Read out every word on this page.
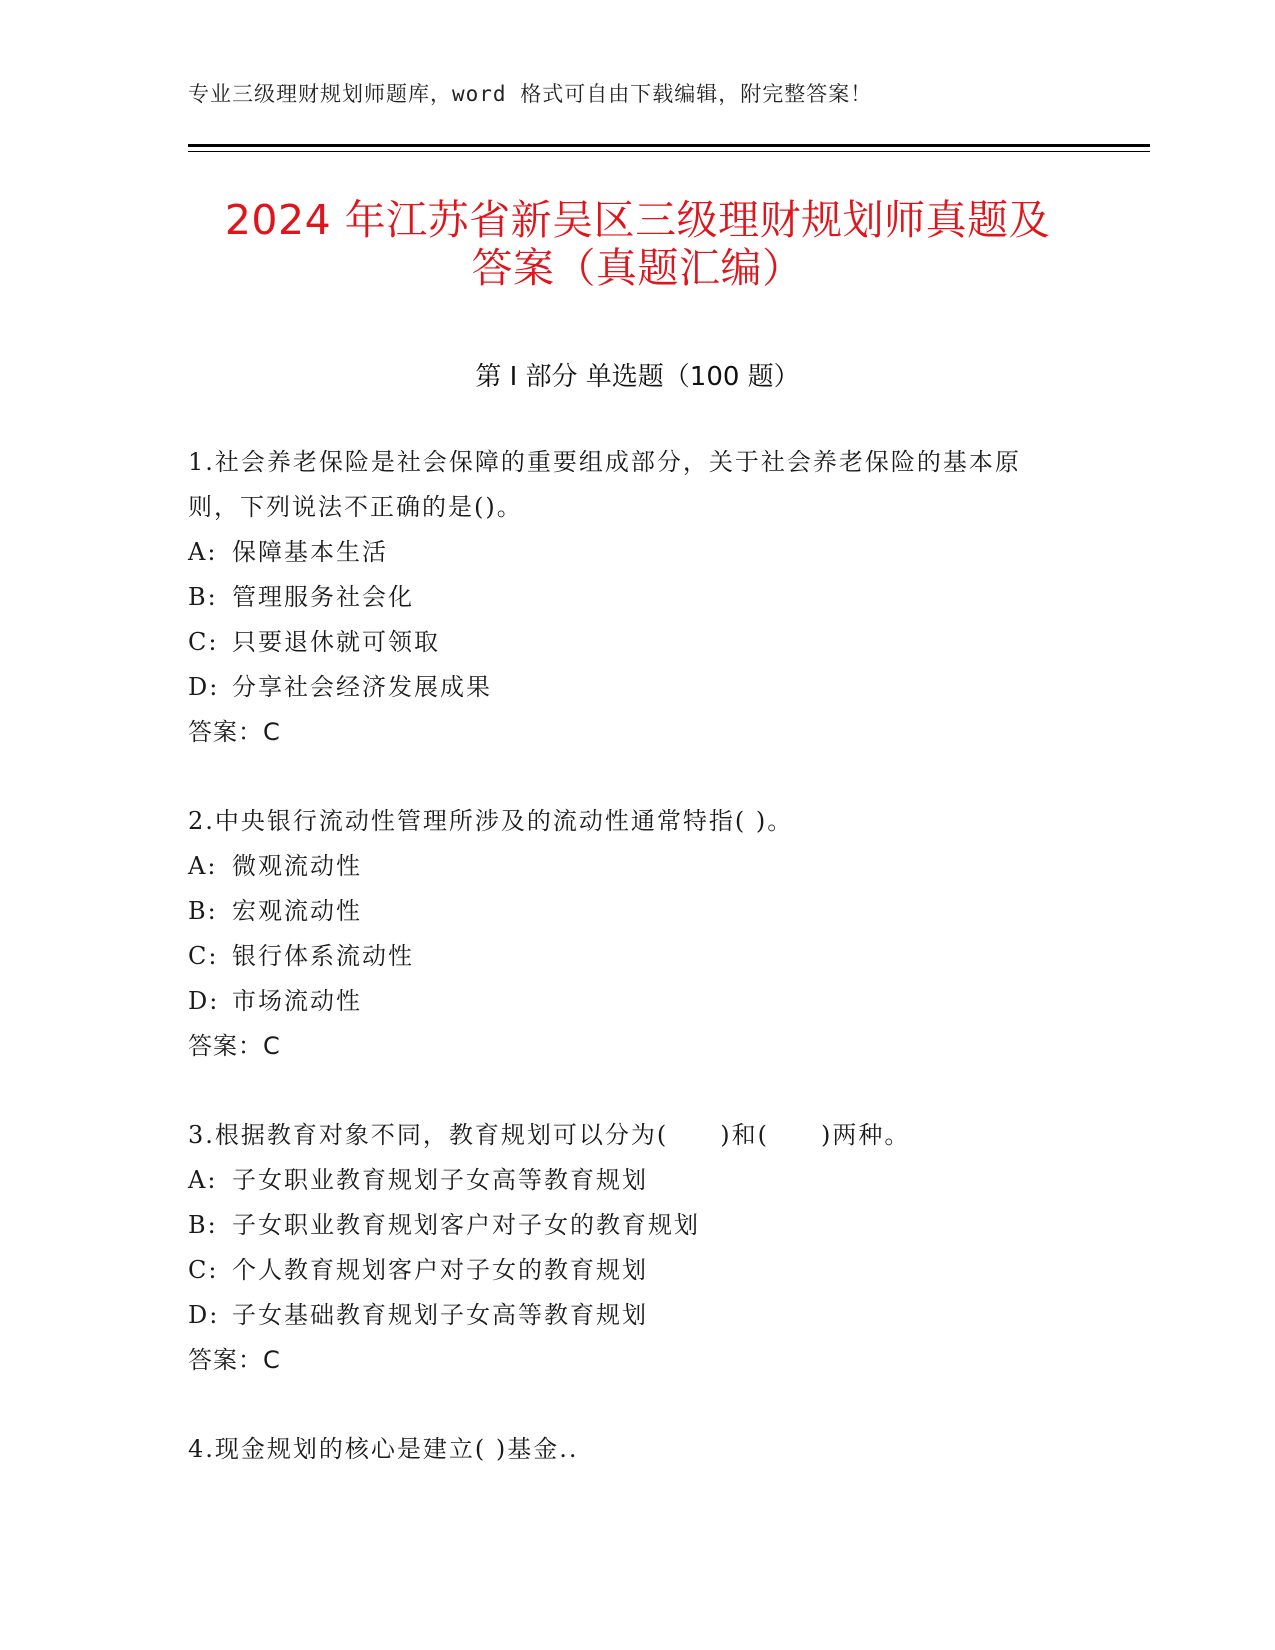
专业三级理财规划师题库，word 格式可自由下载编辑，附完整答案！
2024 年江苏省新吴区三级理财规划师真题及
答案（真题汇编）
第 I 部分 单选题（100 题）

1.社会养老保险是社会保障的重要组成部分，关于社会养老保险的基本原则，下列说法不正确的是()。

A: 保障基本生活

B: 管理服务社会化

C: 只要退休就可领取

D: 分享社会经济发展成果

答案：C

2.中央银行流动性管理所涉及的流动性通常特指( )。

A: 微观流动性

B: 宏观流动性

C: 银行体系流动性

D: 市场流动性

答案：C

3.根据教育对象不同，教育规划可以分为(　　)和(　　)两种。

A: 子女职业教育规划子女高等教育规划

B: 子女职业教育规划客户对子女的教育规划

C: 个人教育规划客户对子女的教育规划

D: 子女基础教育规划子女高等教育规划

答案：C

4.现金规划的核心是建立( )基金..
